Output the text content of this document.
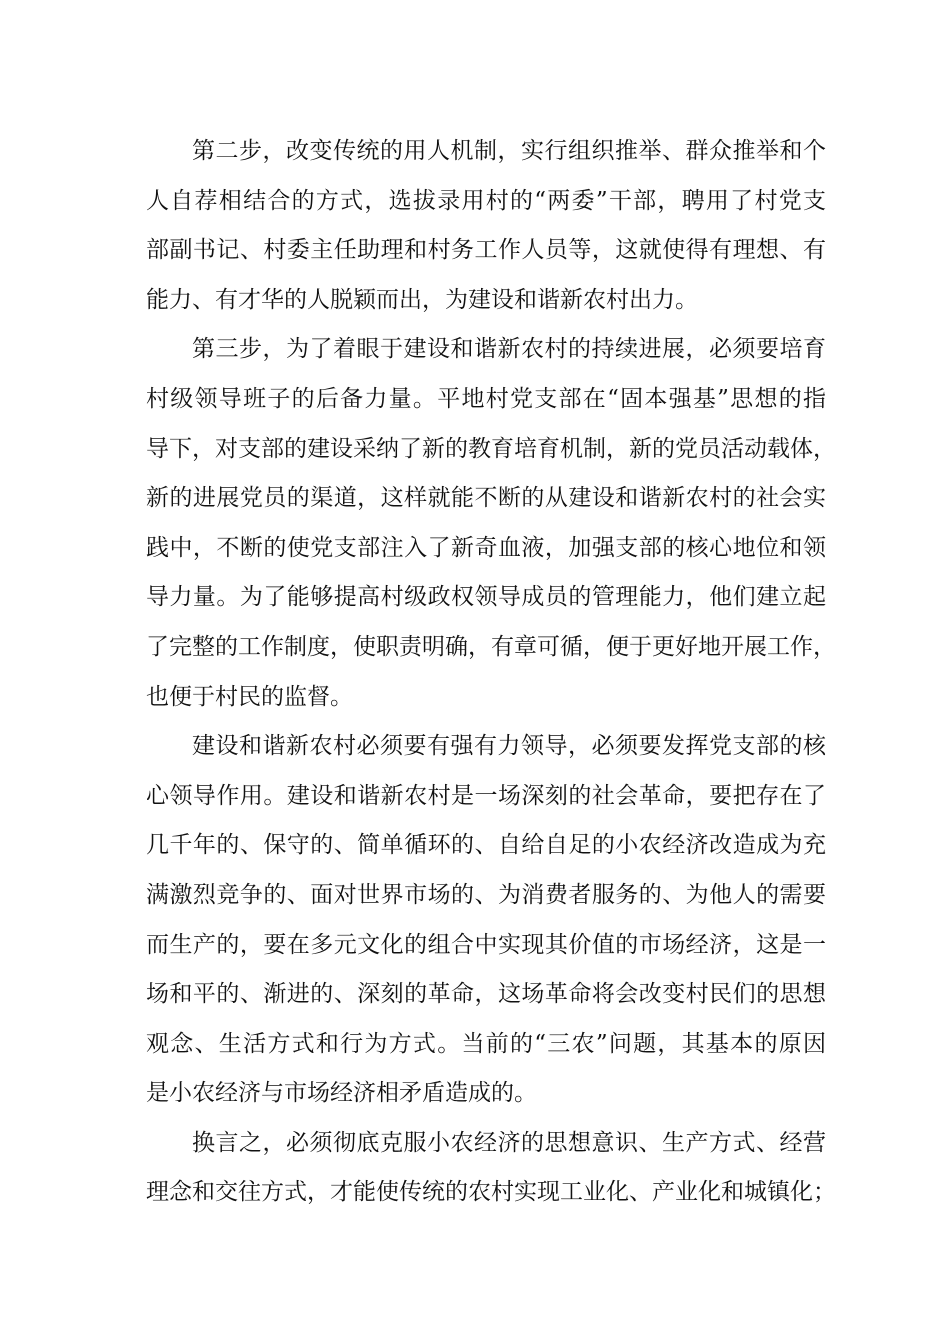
第二步，改变传统的用人机制，实行组织推举、群众推举和个
人自荐相结合的方式，选拔录用村的“两委”干部，聘用了村党支
部副书记、村委主任助理和村务工作人员等，这就使得有理想、有
能力、有才华的人脱颖而出，为建设和谐新农村出力。
第三步，为了着眼于建设和谐新农村的持续进展，必须要培育
村级领导班子的后备力量。平地村党支部在“固本强基”思想的指
导下，对支部的建设采纳了新的教育培育机制，新的党员活动载体，
新的进展党员的渠道，这样就能不断的从建设和谐新农村的社会实
践中，不断的使党支部注入了新奇血液，加强支部的核心地位和领
导力量。为了能够提高村级政权领导成员的管理能力，他们建立起
了完整的工作制度，使职责明确，有章可循，便于更好地开展工作，
也便于村民的监督。
建设和谐新农村必须要有强有力领导，必须要发挥党支部的核
心领导作用。建设和谐新农村是一场深刻的社会革命，要把存在了
几千年的、保守的、简单循环的、自给自足的小农经济改造成为充
满激烈竞争的、面对世界市场的、为消费者服务的、为他人的需要
而生产的，要在多元文化的组合中实现其价值的市场经济，这是一
场和平的、渐进的、深刻的革命，这场革命将会改变村民们的思想
观念、生活方式和行为方式。当前的“三农”问题，其基本的原因
是小农经济与市场经济相矛盾造成的。
换言之，必须彻底克服小农经济的思想意识、生产方式、经营
理念和交往方式，才能使传统的农村实现工业化、产业化和城镇化；
